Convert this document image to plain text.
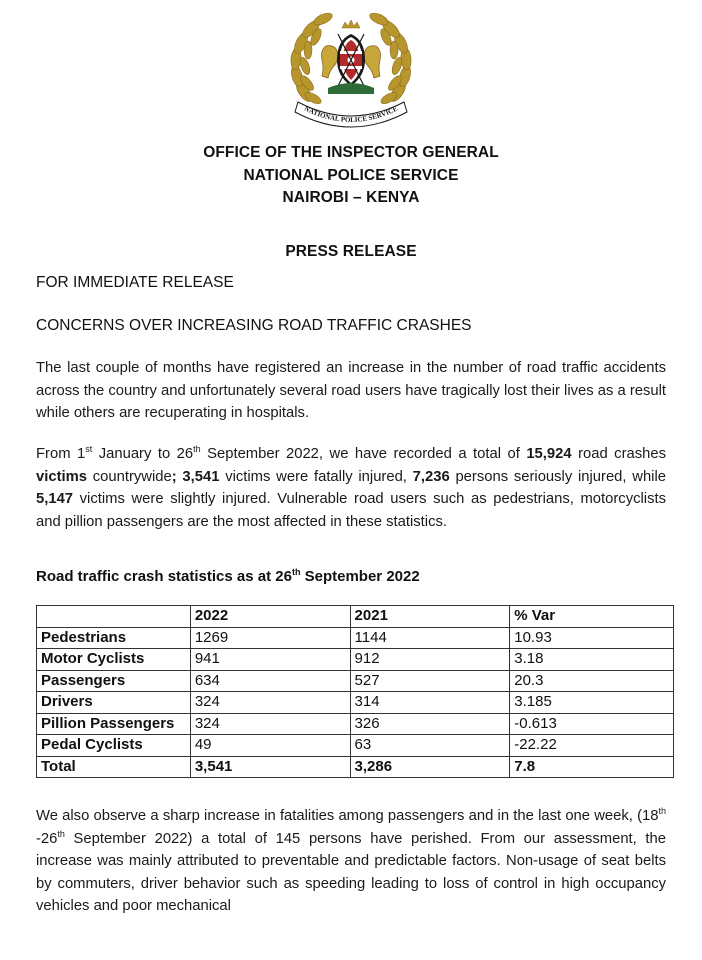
NATIONAL POLICE SERVICE
OFFICE OF THE INSPECTOR GENERAL
NATIONAL POLICE SERVICE
NAIROBI – KENYA
PRESS RELEASE
FOR IMMEDIATE RELEASE
CONCERNS OVER INCREASING ROAD TRAFFIC CRASHES
The last couple of months have registered an increase in the number of road traffic accidents across the country and unfortunately several road users have tragically lost their lives as a result while others are recuperating in hospitals.
From 1st January to 26th September 2022, we have recorded a total of 15,924 road crashes victims countrywide; 3,541 victims were fatally injured, 7,236 persons seriously injured, while 5,147 victims were slightly injured. Vulnerable road users such as pedestrians, motorcyclists and pillion passengers are the most affected in these statistics.
Road traffic crash statistics as at 26th September 2022
	2022	2021	% Var
Pedestrians	1269	1144	10.93
Motor Cyclists	941	912	3.18
Passengers	634	527	20.3
Drivers	324	314	3.185
Pillion Passengers	324	326	-0.613
Pedal Cyclists	49	63	-22.22
Total	3,541	3,286	7.8
We also observe a sharp increase in fatalities among passengers and in the last one week, (18th -26th September 2022) a total of 145 persons have perished. From our assessment, the increase was mainly attributed to preventable and predictable factors. Non-usage of seat belts by commuters, driver behavior such as speeding leading to loss of control in high occupancy vehicles and poor mechanical
